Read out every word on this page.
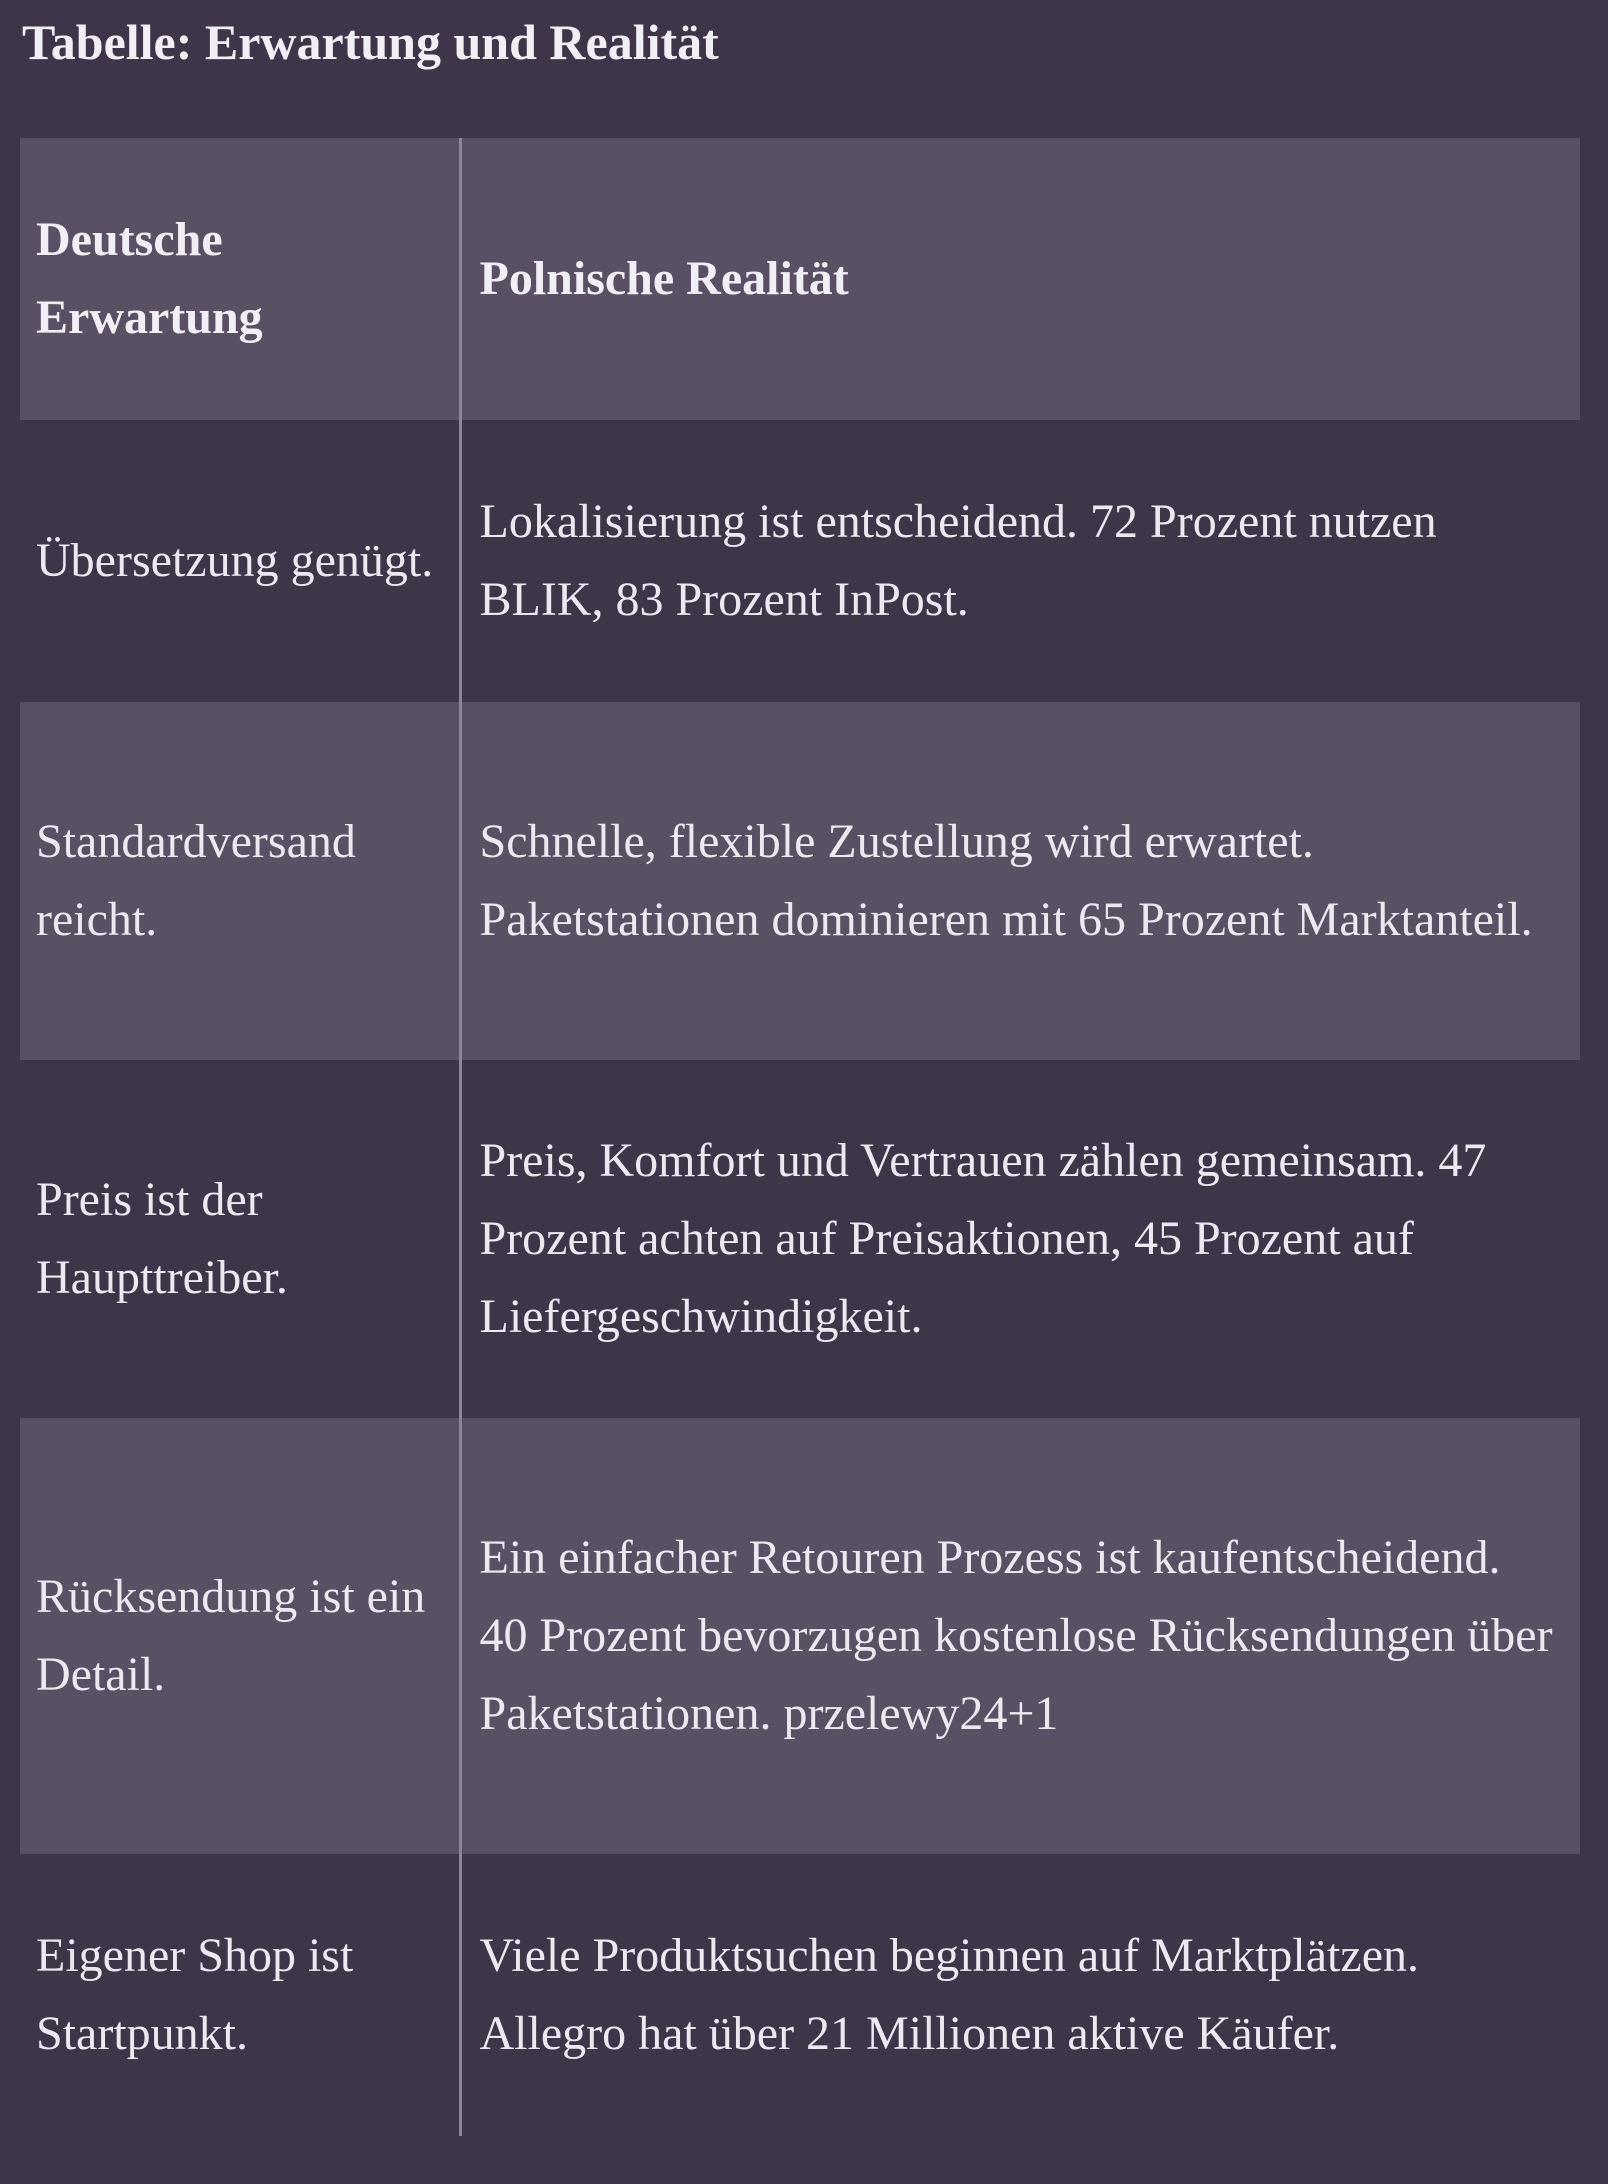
Tabelle: Erwartung und Realität
Deutsche Erwartung	Polnische Realität

Übersetzung genügt.	Lokalisierung ist entscheidend. 72 Prozent nutzen BLIK, 83 Prozent InPost.

Standardversand reicht.	Schnelle, flexible Zustellung wird erwartet. Paketstationen dominieren mit 65 Prozent Marktanteil.

Preis ist der Haupttreiber.	Preis, Komfort und Vertrauen zählen gemeinsam. 47 Prozent achten auf Preisaktionen, 45 Prozent auf Liefergeschwindigkeit.

Rücksendung ist ein Detail.	Ein einfacher Retouren Prozess ist kaufentscheidend. 40 Prozent bevorzugen kostenlose Rücksendungen über Paketstationen. przelewy24+1

Eigener Shop ist Startpunkt.	Viele Produktsuchen beginnen auf Marktplätzen. Allegro hat über 21 Millionen aktive Käufer.
